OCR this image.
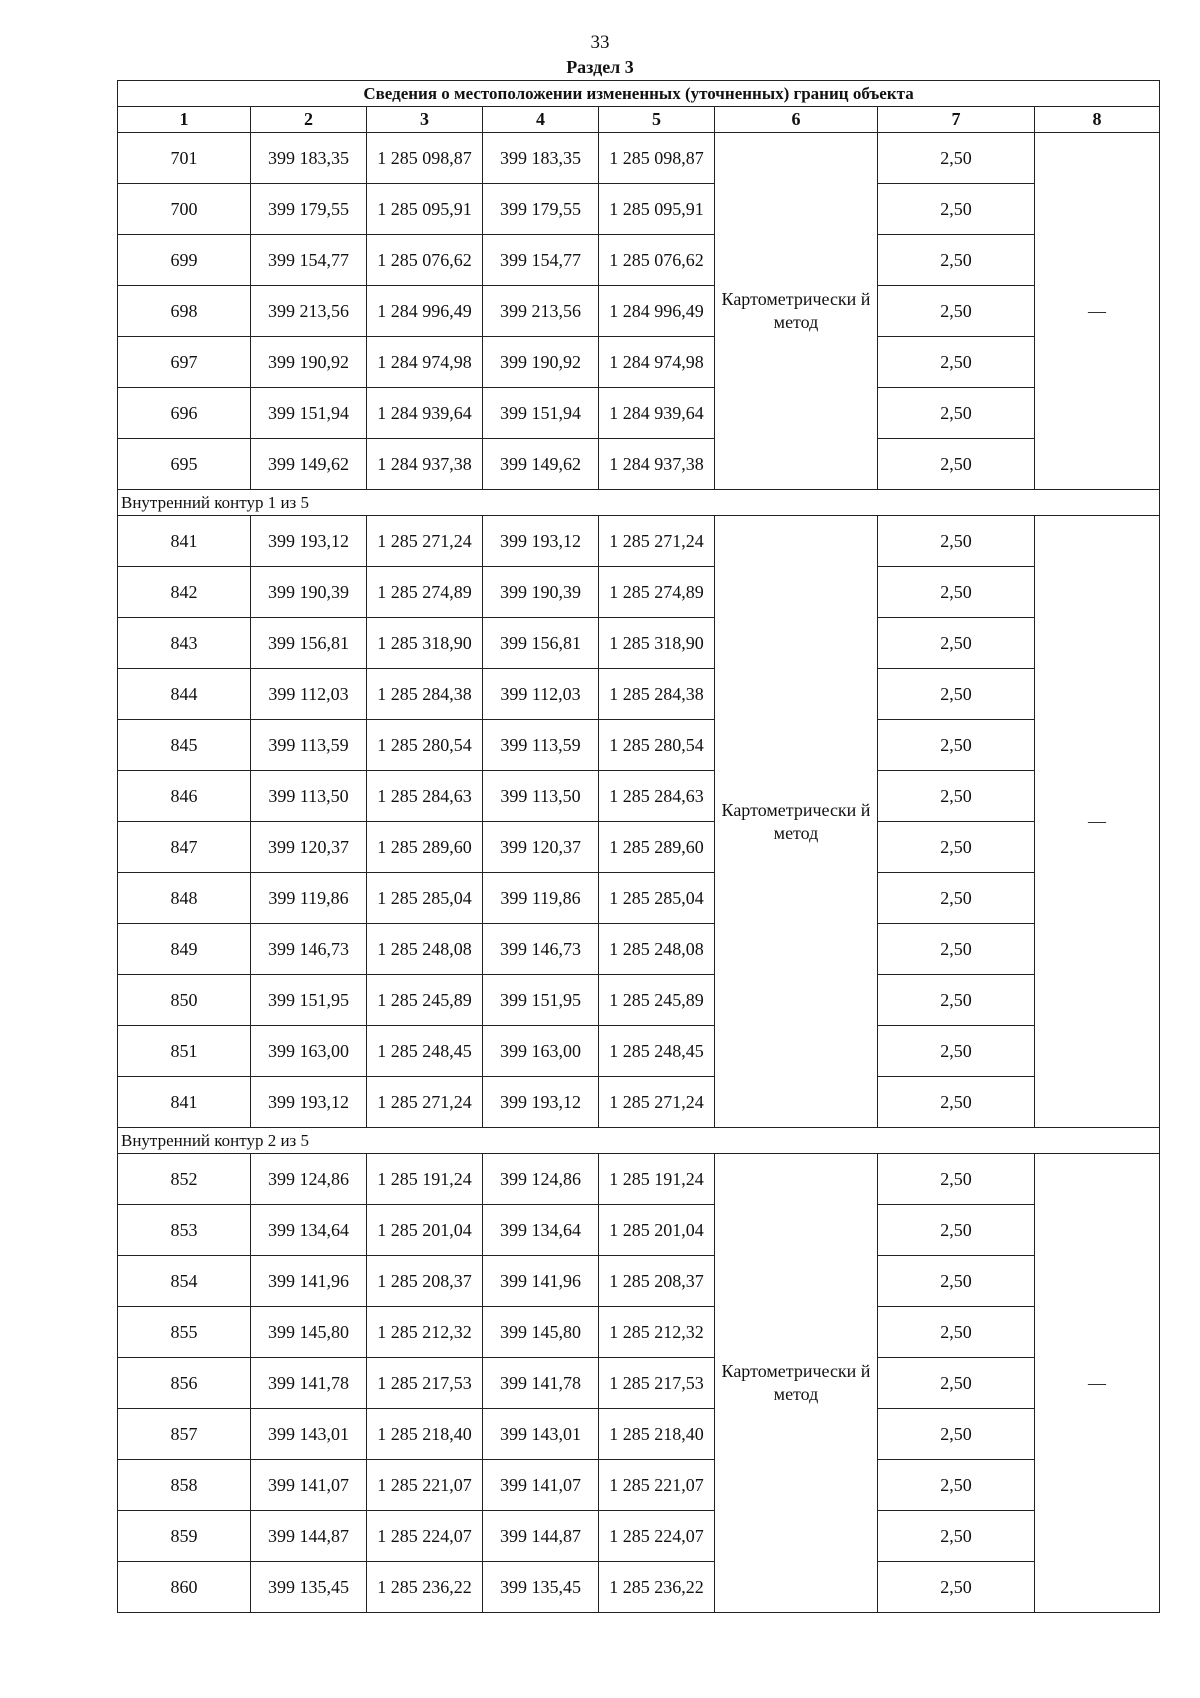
33
Раздел 3
Сведения о местоположении измененных (уточненных) границ объекта							
1	2	3	4	5	6	7	8
701	399 183,35	1 285 098,87	399 183,35	1 285 098,87	Картометрически й метод	2,50	—
700	399 179,55	1 285 095,91	399 179,55	1 285 095,91		2,50	
699	399 154,77	1 285 076,62	399 154,77	1 285 076,62		2,50	
698	399 213,56	1 284 996,49	399 213,56	1 284 996,49		2,50	
697	399 190,92	1 284 974,98	399 190,92	1 284 974,98		2,50	
696	399 151,94	1 284 939,64	399 151,94	1 284 939,64		2,50	
695	399 149,62	1 284 937,38	399 149,62	1 284 937,38		2,50	
Внутренний контур 1 из 5							
841	399 193,12	1 285 271,24	399 193,12	1 285 271,24	Картометрически й метод	2,50	—
842	399 190,39	1 285 274,89	399 190,39	1 285 274,89		2,50	
843	399 156,81	1 285 318,90	399 156,81	1 285 318,90		2,50	
844	399 112,03	1 285 284,38	399 112,03	1 285 284,38		2,50	
845	399 113,59	1 285 280,54	399 113,59	1 285 280,54		2,50	
846	399 113,50	1 285 284,63	399 113,50	1 285 284,63		2,50	
847	399 120,37	1 285 289,60	399 120,37	1 285 289,60		2,50	
848	399 119,86	1 285 285,04	399 119,86	1 285 285,04		2,50	
849	399 146,73	1 285 248,08	399 146,73	1 285 248,08		2,50	
850	399 151,95	1 285 245,89	399 151,95	1 285 245,89		2,50	
851	399 163,00	1 285 248,45	399 163,00	1 285 248,45		2,50	
841	399 193,12	1 285 271,24	399 193,12	1 285 271,24		2,50	
Внутренний контур 2 из 5							
852	399 124,86	1 285 191,24	399 124,86	1 285 191,24	Картометрически й метод	2,50	—
853	399 134,64	1 285 201,04	399 134,64	1 285 201,04		2,50	
854	399 141,96	1 285 208,37	399 141,96	1 285 208,37		2,50	
855	399 145,80	1 285 212,32	399 145,80	1 285 212,32		2,50	
856	399 141,78	1 285 217,53	399 141,78	1 285 217,53		2,50	
857	399 143,01	1 285 218,40	399 143,01	1 285 218,40		2,50	
858	399 141,07	1 285 221,07	399 141,07	1 285 221,07		2,50	
859	399 144,87	1 285 224,07	399 144,87	1 285 224,07		2,50	
860	399 135,45	1 285 236,22	399 135,45	1 285 236,22		2,50	
